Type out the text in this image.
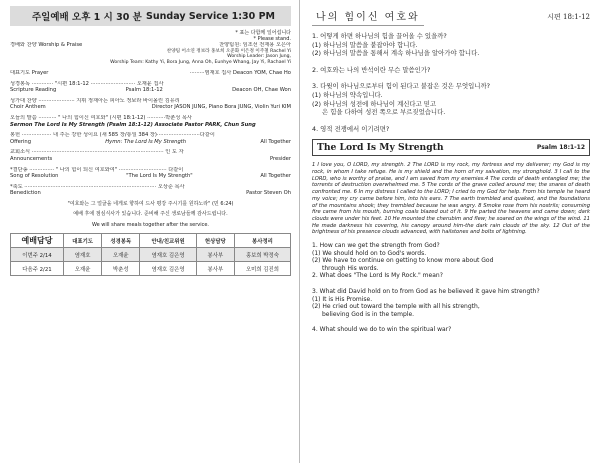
주일예배 오후 1 시 30 분 Sunday Service 1:30 PM
* 표는 다함께 일어섭니다
* Please stand.
경배와 찬양 Worship & Praise	찬양팀원: 임조선 전재용 오은아
찬양팀 어소연 정보라 홍보희 오준화 이은정 이주철 Rachel Yi
Worship Leader: Jason Jung,
Worship Team: Kathy Yi, Bora Jung, Anna Oh, Eunhye Whang, Jay Yi, Rachael Yi
대표기도 Prayer	·········염재호 집사 Deacon YOM, Chae Ho
성경봉독 ············· "시편 18:1-12 ··························· 오재윤 집사
Scripture Reading	Psalm 18:1-12	Deacon OH, Chae Won
성가대 찬양 ······················ 지휘 정재아는 피아노 정보라 바이올린 김유리
Choir Anthem	Director JASON JUNG, Piano Bora JUNG, Violin Yuri KIM
오늘의 말씀 ··········· " 나의 힘이신 여호와" (시편 18:1-12) ···········박춘성 목사
Sermon The Lord Is My Strength (Psalm 18:1-12) Associate Pastor PARK, Chun Sung
봉헌 ·················· 내 주는 강한 성이요 (새 585 장/통일 384 장)··························다같이
Offering	Hymn: The Lord Is My Strength	All Together
교회소식 ················································································ 인 도 자
Announcements	Presider
*결단송 ··············· " 나의 힘이 되신 여호와여" ····························· 다같이
Song of Resolution	"The Lord Is My Strength"	All Together
*축도 ················································································ 오상준 목사
Benediction	Pastor Steven Oh
"여호와는 그 얼굴을 네게로 향하여 드사 평강 주시기를 원하노라" (민 6:24)
예배 후에 점심식사가 있습니다. 준비해 주신 생로남들께 감사드립니다.
We will share meals together after the service.
예배담당	대표기도	성경봉독	안내/친교위원	헌상담당	봉사정리
이번주 2/14	염재호	오재윤	염재호 김은영	봉사부	홍보희 박정숙
다음주 2/21	오재윤	박춘성	염재호 김은영	봉사부	오미희 김진희
나의 힘이신 여호와	시편 18:1-12
1. 어떻게 하면 하나님의 힘을 끌어올 수 있을까?
(1) 하나님의 말씀을 붙잡아야 합니다.
(2) 하나님의 말씀을 통해서 계속 하나님을 알아가야 합니다.
2. 여호와는 나의 반석이란 무슨 말씀인가?
3. 다윗이 하나님으로부터 힘이 된다고 붙잡은 것은 무엇입니까?
(1) 하나님의 약속입니다.
(2) 하나님의 성전에 하나님이 계신다고 믿고
은 힘을 다하여 성전 쪽으로 부르짖었습니다.
4. 영적 전쟁에서 이기려면?
The Lord Is My Strength	Psalm 18:1-12
1 I love you, O LORD, my strength. 2 The LORD is my rock, my fortress and my deliverer; my God is my rock, in whom I take refuge. He is my shield and the horn of my salvation, my stronghold. 3 I call to the LORD, who is worthy of praise, and I am saved from my enemies.4 The cords of death entangled me; the torrents of destruction overwhelmed me. 5 The cords of the grave coiled around me; the snares of death confronted me. 6 In my distress I called to the LORD; I cried to my God for help. From his temple he heard my voice; my cry came before him, into his ears. 7 The earth trembled and quaked, and the foundations of the mountains shook; they trembled because he was angry. 8 Smoke rose from his nostrils; consuming fire came from his mouth, burning coals blazed out of it. 9 He parted the heavens and came down; dark clouds were under his feet. 10 He mounted the cherubim and flew; he soared on the wings of the wind. 11 He made darkness his covering, his canopy around him-the dark rain clouds of the sky. 12 Out of the brightness of his presence clouds advanced, with hailstones and bolts of lightning.
1. How can we get the strength from God?
(1) We should hold on to God's words.
(2) We have to continue on getting to know more about God
through His words.
2. What does "The Lord Is My Rock." mean?
3. What did David hold on to from God as he believed it gave him strength?
(1) It is His Promise.
(2) He cried out toward the temple with all his strength,
believing God is in the temple.
4. What should we do to win the spiritual war?
